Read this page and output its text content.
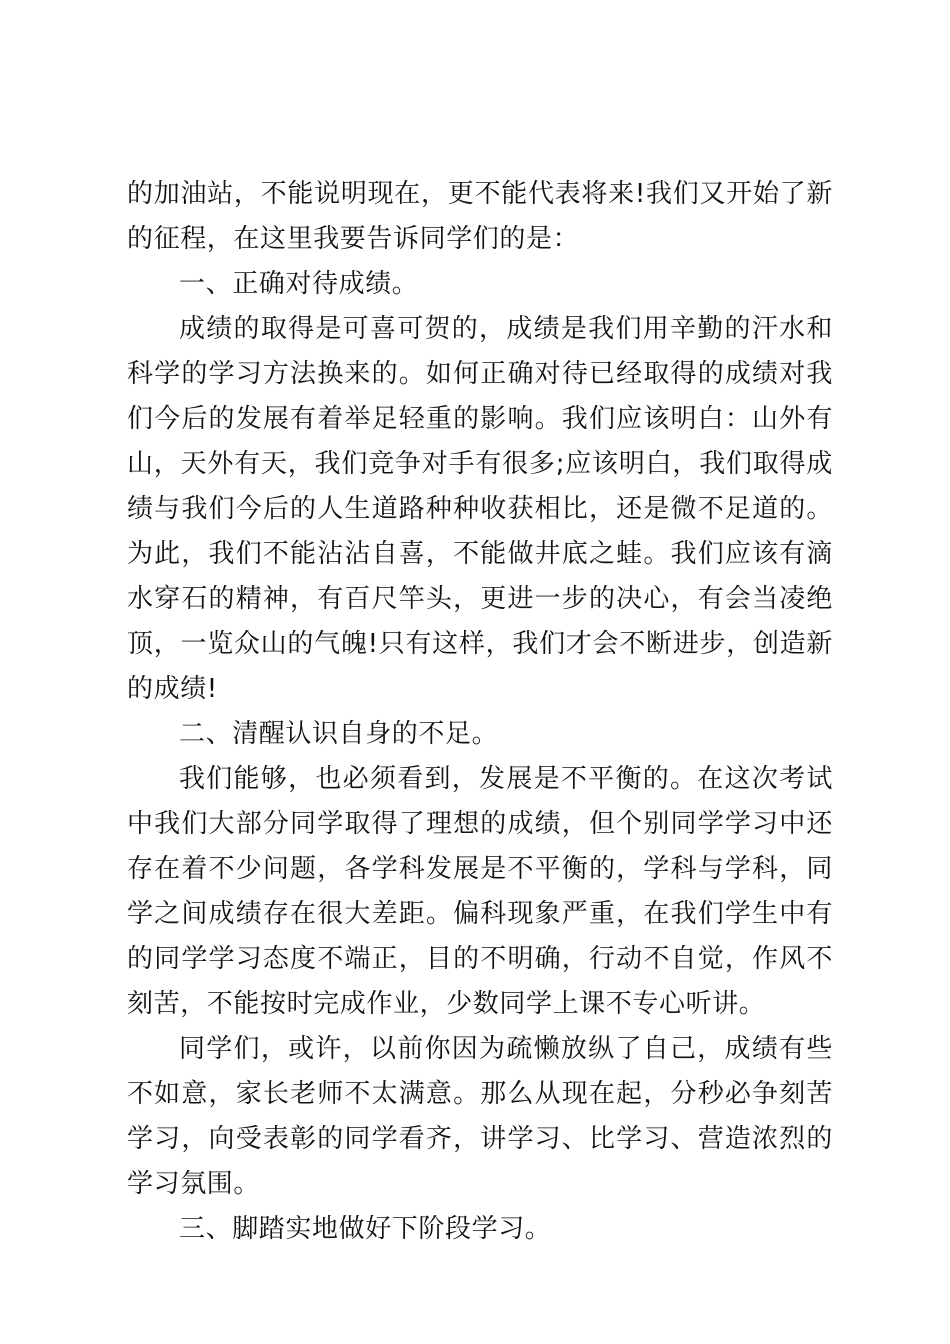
的加油站，不能说明现在，更不能代表将来!我们又开始了新的征程，在这里我要告诉同学们的是：

一、正确对待成绩。

成绩的取得是可喜可贺的，成绩是我们用辛勤的汗水和科学的学习方法换来的。如何正确对待已经取得的成绩对我们今后的发展有着举足轻重的影响。我们应该明白：山外有山，天外有天，我们竞争对手有很多;应该明白，我们取得成绩与我们今后的人生道路种种收获相比，还是微不足道的。为此，我们不能沾沾自喜，不能做井底之蛙。我们应该有滴水穿石的精神，有百尺竿头，更进一步的决心，有会当凌绝顶，一览众山的气魄!只有这样，我们才会不断进步，创造新的成绩!

二、清醒认识自身的不足。

我们能够，也必须看到，发展是不平衡的。在这次考试中我们大部分同学取得了理想的成绩，但个别同学学习中还存在着不少问题，各学科发展是不平衡的，学科与学科，同学之间成绩存在很大差距。偏科现象严重，在我们学生中有的同学学习态度不端正，目的不明确，行动不自觉，作风不刻苦，不能按时完成作业，少数同学上课不专心听讲。

同学们，或许，以前你因为疏懒放纵了自己，成绩有些不如意，家长老师不太满意。那么从现在起，分秒必争刻苦学习，向受表彰的同学看齐，讲学习、比学习、营造浓烈的学习氛围。

三、脚踏实地做好下阶段学习。
